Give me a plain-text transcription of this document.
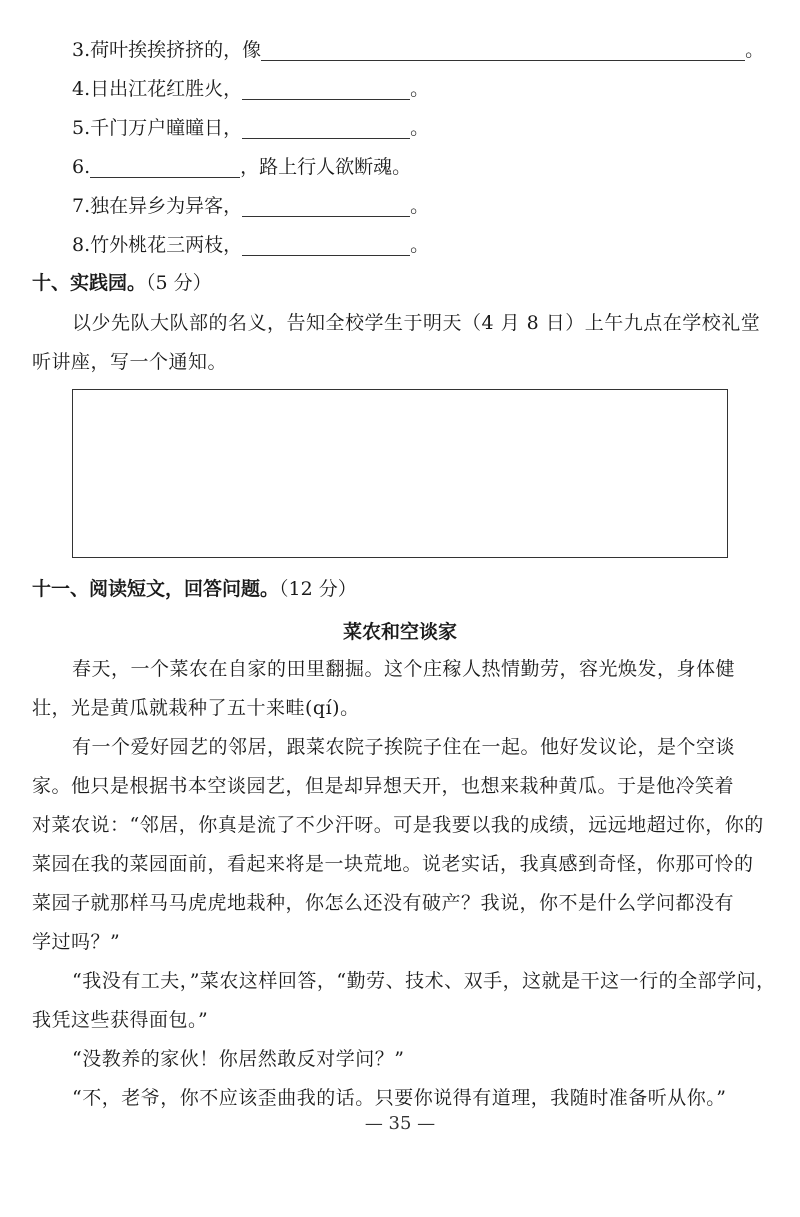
3.荷叶挨挨挤挤的，像	。
4.日出江花红胜火，	。
5.千门万户曈曈日，	。
6.	，路上行人欲断魂。
7.独在异乡为异客，	。
8.竹外桃花三两枝，	。
十、实践园。（5 分）
以少先队大队部的名义，告知全校学生于明天（4 月 8 日）上午九点在学校礼堂
听讲座，写一个通知。
十一、阅读短文，回答问题。（12 分）
菜农和空谈家
春天，一个菜农在自家的田里翻掘。这个庄稼人热情勤劳，容光焕发，身体健
壮，光是黄瓜就栽种了五十来畦(qí)。
有一个爱好园艺的邻居，跟菜农院子挨院子住在一起。他好发议论，是个空谈
家。他只是根据书本空谈园艺，但是却异想天开，也想来栽种黄瓜。于是他冷笑着
对菜农说：“邻居，你真是流了不少汗呀。可是我要以我的成绩，远远地超过你，你的
菜园在我的菜园面前，看起来将是一块荒地。说老实话，我真感到奇怪，你那可怜的
菜园子就那样马马虎虎地栽种，你怎么还没有破产？我说，你不是什么学问都没有
学过吗？”
“我没有工夫，”菜农这样回答，“勤劳、技术、双手，这就是干这一行的全部学问，
我凭这些获得面包。”
“没教养的家伙！你居然敢反对学问？”
“不，老爷，你不应该歪曲我的话。只要你说得有道理，我随时准备听从你。”
— 35 —
